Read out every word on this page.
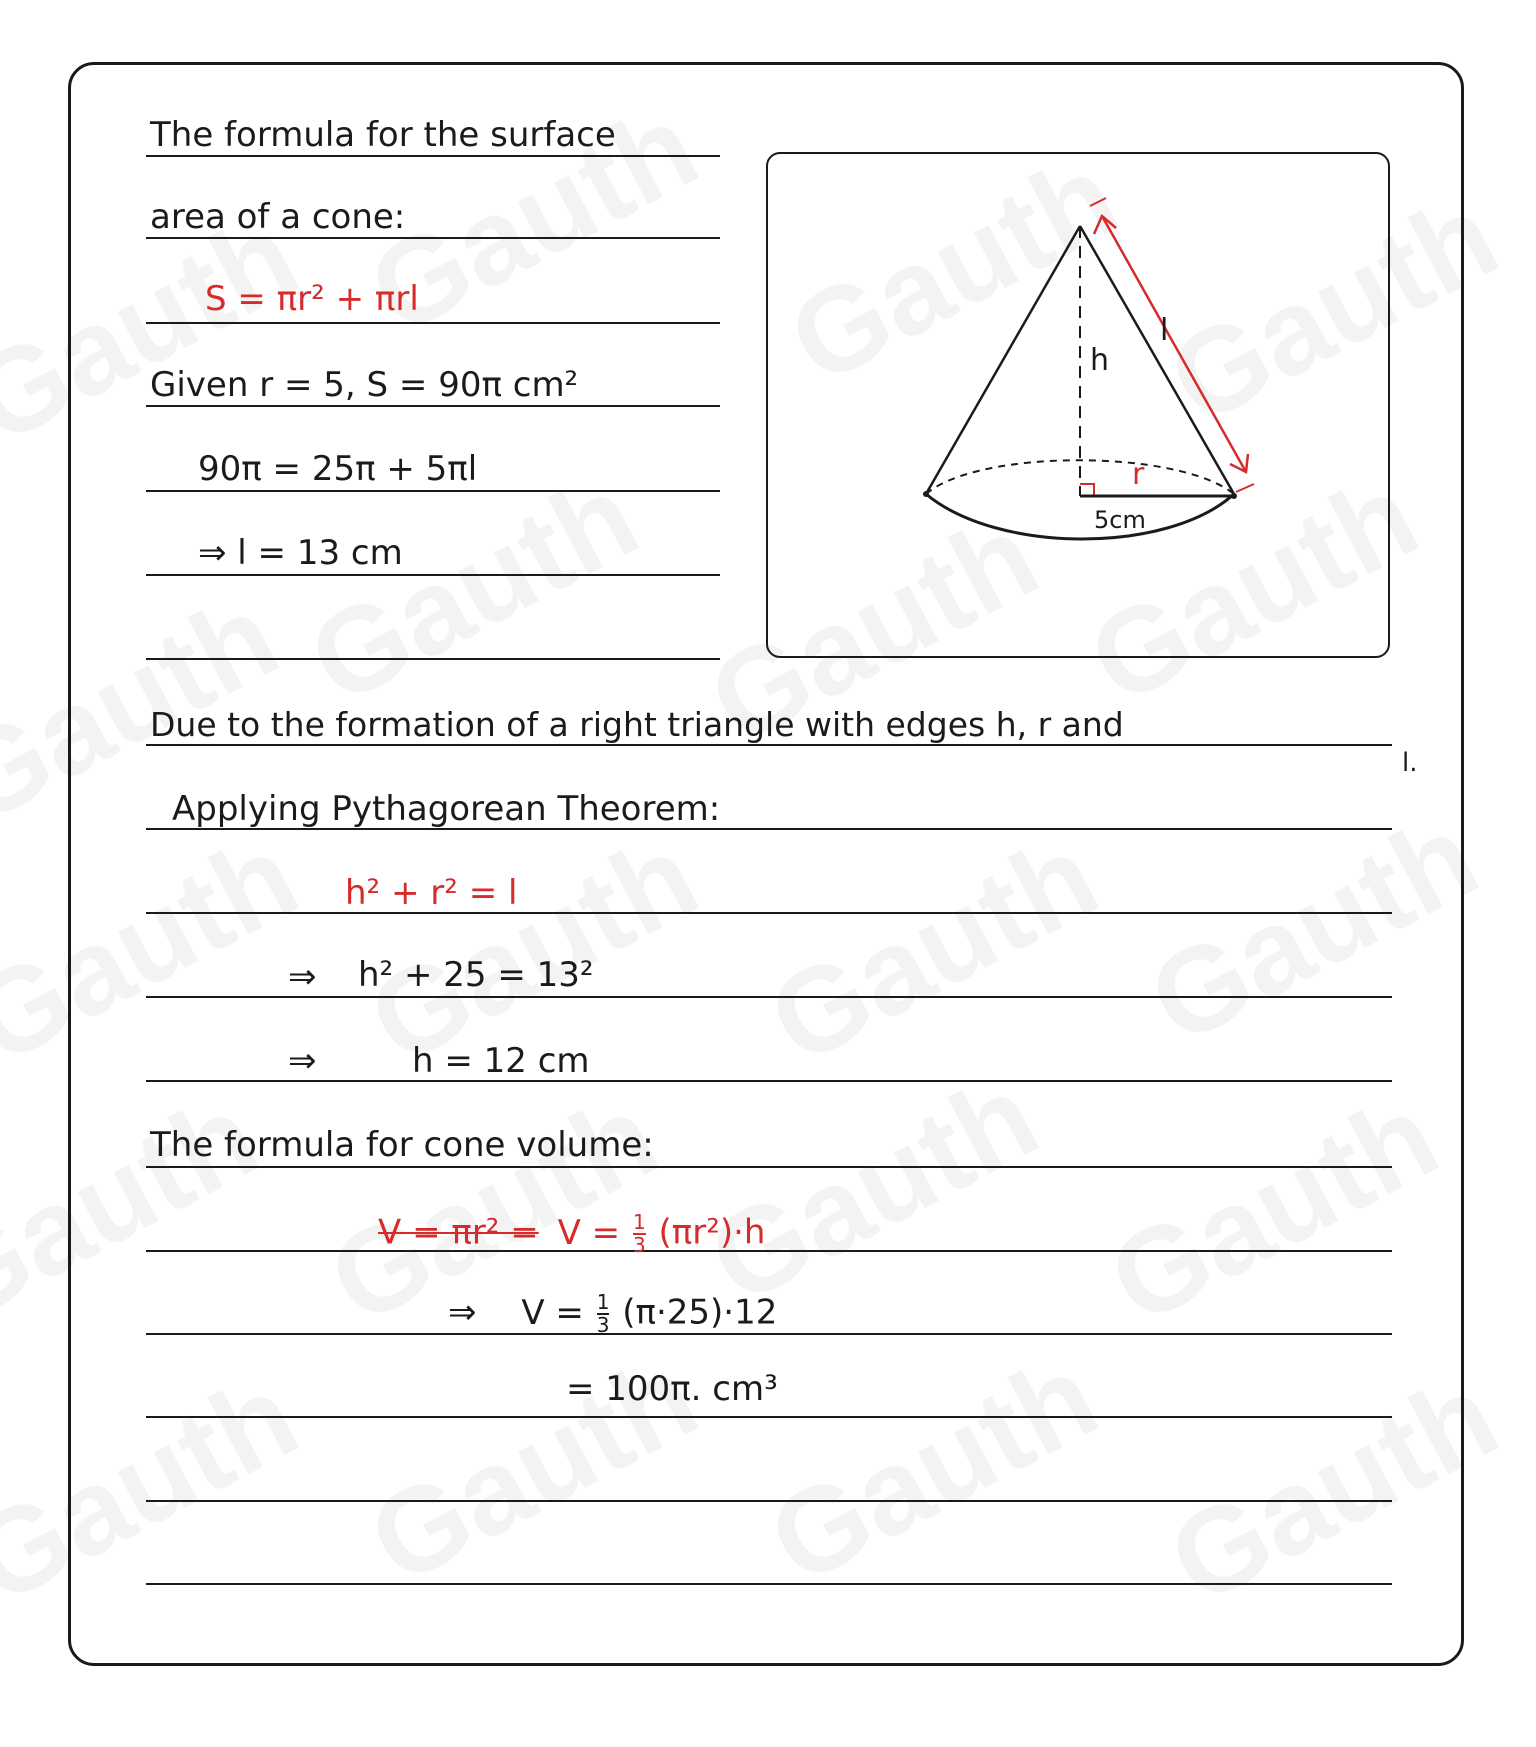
The formula for the surface
area of a cone:
S = πr² + πrl
Given r = 5, S = 90π cm²
90π = 25π + 5πl
⇒ l = 13 cm
Due to the formation of a right triangle with edges h, r and
l.
Applying Pythagorean Theorem:
h² + r² = l
⇒ h² + 25 = 13²
⇒	h = 12 cm
The formula for cone volume:
$V = \pi r^2 = V = \frac{1}{3} (\pi r^2)\cdot h$
⇒ $V = \frac{1}{3} (\pi\cdot 25)\cdot 12$
= 100π. cm³
h
l
r
5cm
